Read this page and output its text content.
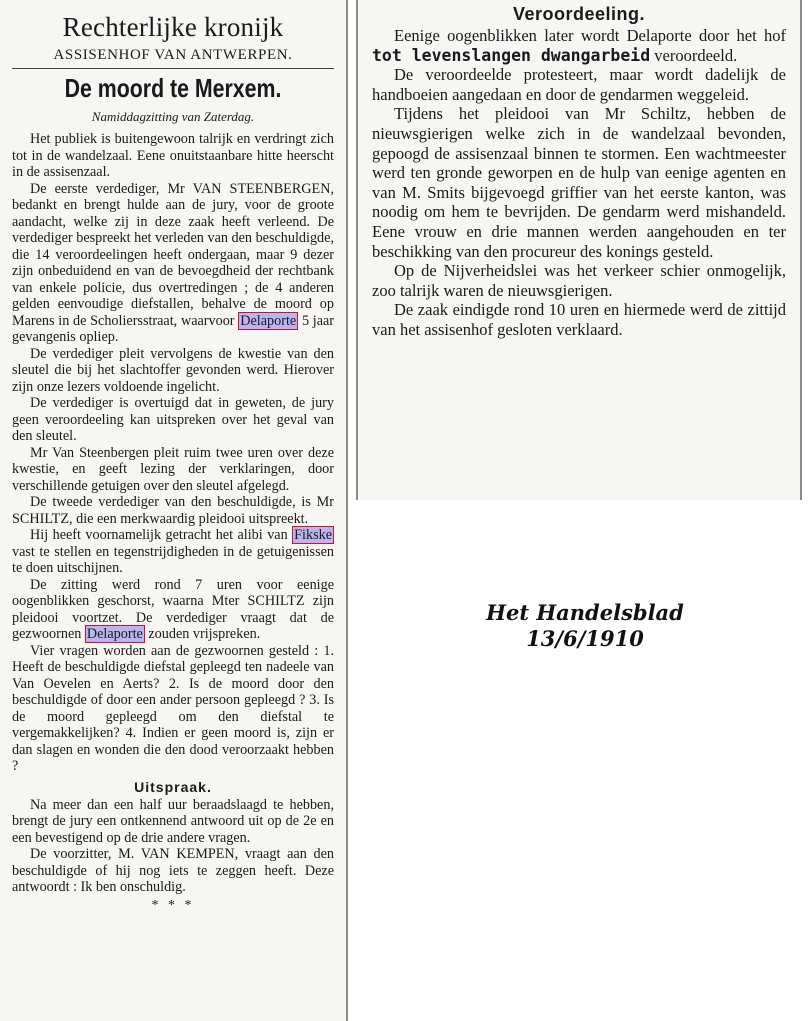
Rechterlijke kronijk
ASSISENHOF VAN ANTWERPEN.
De moord te Merxem.
Namiddagzitting van Zaterdag.

Het publiek is buitengewoon talrijk en verdringt zich tot in de wandelzaal. Eene onuitstaanbare hitte heerscht in de assisenzaal.

De eerste verdediger, Mr VAN STEENBERGEN, bedankt en brengt hulde aan de jury, voor de groote aandacht, welke zij in deze zaak heeft verleend. De verdediger bespreekt het verleden van den beschuldigde, die 14 veroordeelingen heeft ondergaan, maar 9 dezer zijn onbeduidend en van de bevoegdheid der rechtbank van enkele policie, dus overtredingen ; de 4 anderen gelden eenvoudige diefstallen, behalve de moord op Marens in de Scholiersstraat, waarvoor Delaporte 5 jaar gevangenis opliep.

De verdediger pleit vervolgens de kwestie van den sleutel die bij het slachtoffer gevonden werd. Hierover zijn onze lezers voldoende ingelicht.

De verdediger is overtuigd dat in geweten, de jury geen veroordeeling kan uitspreken over het geval van den sleutel.

Mr Van Steenbergen pleit ruim twee uren over deze kwestie, en geeft lezing der verklaringen, door verschillende getuigen over den sleutel afgelegd.

De tweede verdediger van den beschuldigde, is Mr SCHILTZ, die een merkwaardig pleidooi uitspreekt.

Hij heeft voornamelijk getracht het alibi van Fikske vast te stellen en tegenstrijdigheden in de getuigenissen te doen uitschijnen.

De zitting werd rond 7 uren voor eenige oogenblikken geschorst, waarna Mter SCHILTZ zijn pleidooi voortzet. De verdediger vraagt dat de gezwoornen Delaporte zouden vrijspreken.

Vier vragen worden aan de gezwoornen gesteld : 1. Heeft de beschuldigde diefstal gepleegd ten nadeele van Van Oevelen en Aerts? 2. Is de moord door den beschuldigde of door een ander persoon gepleegd ? 3. Is de moord gepleegd om den diefstal te vergemakkelijken? 4. Indien er geen moord is, zijn er dan slagen en wonden die den dood veroorzaakt hebben ?

Uitspraak.

Na meer dan een half uur beraadslaagd te hebben, brengt de jury een ontkennend antwoord uit op de 2e en een bevestigend op de drie andere vragen.

De voorzitter, M. VAN KEMPEN, vraagt aan den beschuldigde of hij nog iets te zeggen heeft. Deze antwoordt : Ik ben onschuldig.

* * *
Veroordeeling.

Eenige oogenblikken later wordt Delaporte door het hof tot levenslangen dwangarbeid veroordeeld.

De veroordeelde protesteert, maar wordt dadelijk de handboeien aangedaan en door de gendarmen weggeleid.

Tijdens het pleidooi van Mr Schiltz, hebben de nieuwsgierigen welke zich in de wandelzaal bevonden, gepoogd de assisenzaal binnen te stormen. Een wachtmeester werd ten gronde geworpen en de hulp van eenige agenten en van M. Smits bijgevoegd griffier van het eerste kanton, was noodig om hem te bevrijden. De gendarm werd mishandeld. Eene vrouw en drie mannen werden aangehouden en ter beschikking van den procureur des konings gesteld.

Op de Nijverheidslei was het verkeer schier onmogelijk, zoo talrijk waren de nieuwsgierigen.

De zaak eindigde rond 10 uren en hiermede werd de zittijd van het assisenhof gesloten verklaard.

Het Handelsblad
13/6/1910
